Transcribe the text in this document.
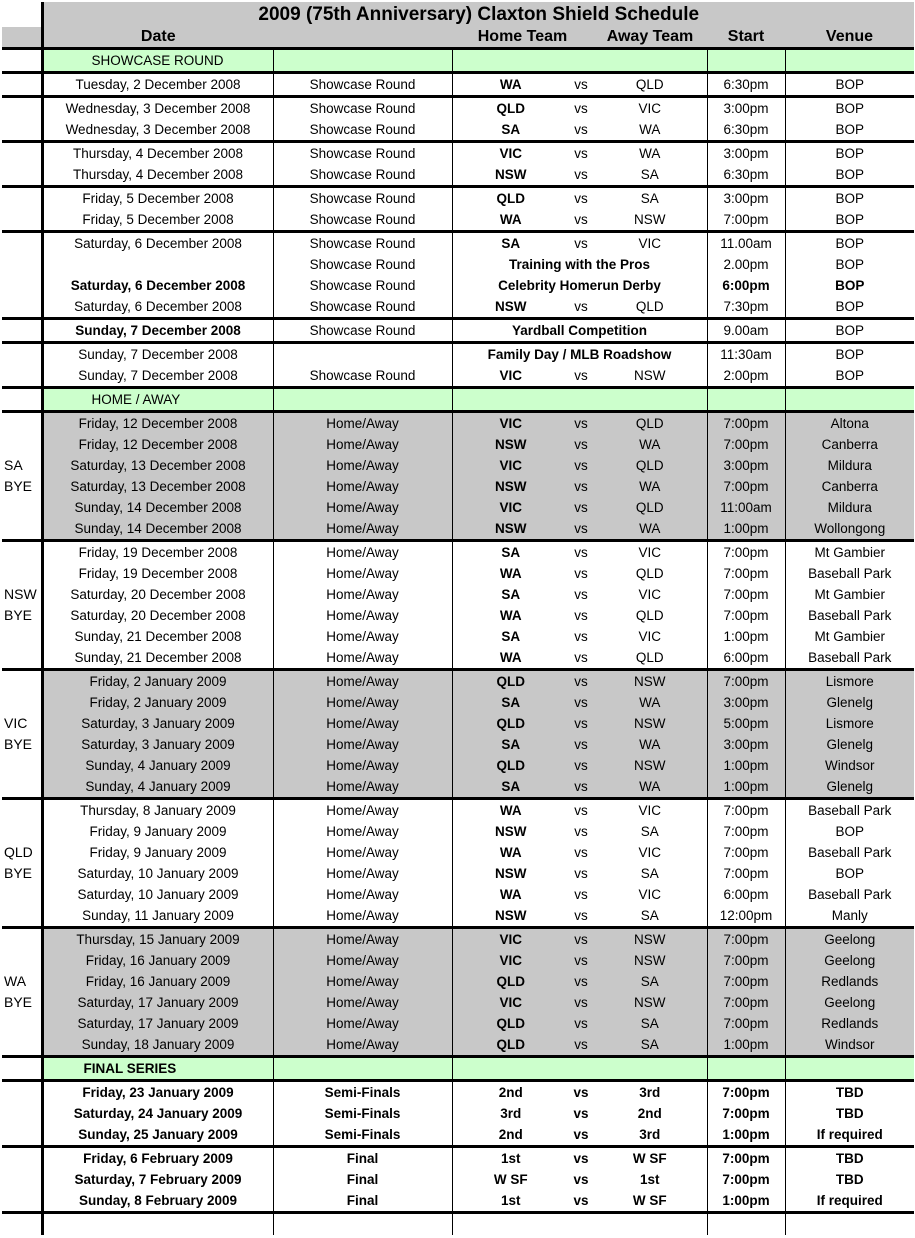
	2009 (75th Anniversary) Claxton Shield Schedule						
	Date		Home Team		Away Team	Start	Venue
	SHOWCASE ROUND						
	Tuesday, 2 December 2008	Showcase Round	WA	vs	QLD	6:30pm	BOP
	Wednesday, 3 December 2008	Showcase Round	QLD	vs	VIC	3:00pm	BOP
	Wednesday, 3 December 2008	Showcase Round	SA	vs	WA	6:30pm	BOP
	Thursday, 4 December 2008	Showcase Round	VIC	vs	WA	3:00pm	BOP
	Thursday, 4 December 2008	Showcase Round	NSW	vs	SA	6:30pm	BOP
	Friday, 5 December 2008	Showcase Round	QLD	vs	SA	3:00pm	BOP
	Friday, 5 December 2008	Showcase Round	WA	vs	NSW	7:00pm	BOP
	Saturday, 6 December 2008	Showcase Round	SA	vs	VIC	11.00am	BOP
		Showcase Round	Training with the Pros			2.00pm	BOP
	Saturday, 6 December 2008	Showcase Round	Celebrity Homerun Derby			6:00pm	BOP
	Saturday, 6 December 2008	Showcase Round	NSW	vs	QLD	7:30pm	BOP
	Sunday, 7 December 2008	Showcase Round	Yardball Competition			9.00am	BOP
	Sunday, 7 December 2008		Family Day / MLB Roadshow			11:30am	BOP
	Sunday, 7 December 2008	Showcase Round	VIC	vs	NSW	2:00pm	BOP
	HOME / AWAY						

SA
BYE	Friday, 12 December 2008	Home/Away	VIC	vs	QLD	7:00pm	Altona
	Friday, 12 December 2008	Home/Away	NSW	vs	WA	7:00pm	Canberra
	Saturday, 13 December 2008	Home/Away	VIC	vs	QLD	3:00pm	Mildura
	Saturday, 13 December 2008	Home/Away	NSW	vs	WA	7:00pm	Canberra
	Sunday, 14 December 2008	Home/Away	VIC	vs	QLD	11:00am	Mildura
	Sunday, 14 December 2008	Home/Away	NSW	vs	WA	1:00pm	Wollongong

NSW
BYE	Friday, 19 December 2008	Home/Away	SA	vs	VIC	7:00pm	Mt Gambier
	Friday, 19 December 2008	Home/Away	WA	vs	QLD	7:00pm	Baseball Park
	Saturday, 20 December 2008	Home/Away	SA	vs	VIC	7:00pm	Mt Gambier
	Saturday, 20 December 2008	Home/Away	WA	vs	QLD	7:00pm	Baseball Park
	Sunday, 21 December 2008	Home/Away	SA	vs	VIC	1:00pm	Mt Gambier
	Sunday, 21 December 2008	Home/Away	WA	vs	QLD	6:00pm	Baseball Park

VIC
BYE	Friday, 2 January 2009	Home/Away	QLD	vs	NSW	7:00pm	Lismore
	Friday, 2 January 2009	Home/Away	SA	vs	WA	3:00pm	Glenelg
	Saturday, 3 January 2009	Home/Away	QLD	vs	NSW	5:00pm	Lismore
	Saturday, 3 January 2009	Home/Away	SA	vs	WA	3:00pm	Glenelg
	Sunday, 4 January 2009	Home/Away	QLD	vs	NSW	1:00pm	Windsor
	Sunday, 4 January 2009	Home/Away	SA	vs	WA	1:00pm	Glenelg

QLD
BYE	Thursday, 8 January 2009	Home/Away	WA	vs	VIC	7:00pm	Baseball Park
	Friday, 9 January 2009	Home/Away	NSW	vs	SA	7:00pm	BOP
	Friday, 9 January 2009	Home/Away	WA	vs	VIC	7:00pm	Baseball Park
	Saturday, 10 January 2009	Home/Away	NSW	vs	SA	7:00pm	BOP
	Saturday, 10 January 2009	Home/Away	WA	vs	VIC	6:00pm	Baseball Park
	Sunday, 11 January 2009	Home/Away	NSW	vs	SA	12:00pm	Manly

WA
BYE	Thursday, 15 January 2009	Home/Away	VIC	vs	NSW	7:00pm	Geelong
	Friday, 16 January 2009	Home/Away	VIC	vs	NSW	7:00pm	Geelong
	Friday, 16 January 2009	Home/Away	QLD	vs	SA	7:00pm	Redlands
	Saturday, 17 January 2009	Home/Away	VIC	vs	NSW	7:00pm	Geelong
	Saturday, 17 January 2009	Home/Away	QLD	vs	SA	7:00pm	Redlands
	Sunday, 18 January 2009	Home/Away	QLD	vs	SA	1:00pm	Windsor
	FINAL SERIES						
	Friday, 23 January 2009	Semi-Finals	2nd	vs	3rd	7:00pm	TBD
	Saturday, 24 January 2009	Semi-Finals	3rd	vs	2nd	7:00pm	TBD
	Sunday, 25 January 2009	Semi-Finals	2nd	vs	3rd	1:00pm	If required
	Friday, 6 February 2009	Final	1st	vs	W SF	7:00pm	TBD
	Saturday, 7 February 2009	Final	W SF	vs	1st	7:00pm	TBD
	Sunday, 8 February 2009	Final	1st	vs	W SF	1:00pm	If required
